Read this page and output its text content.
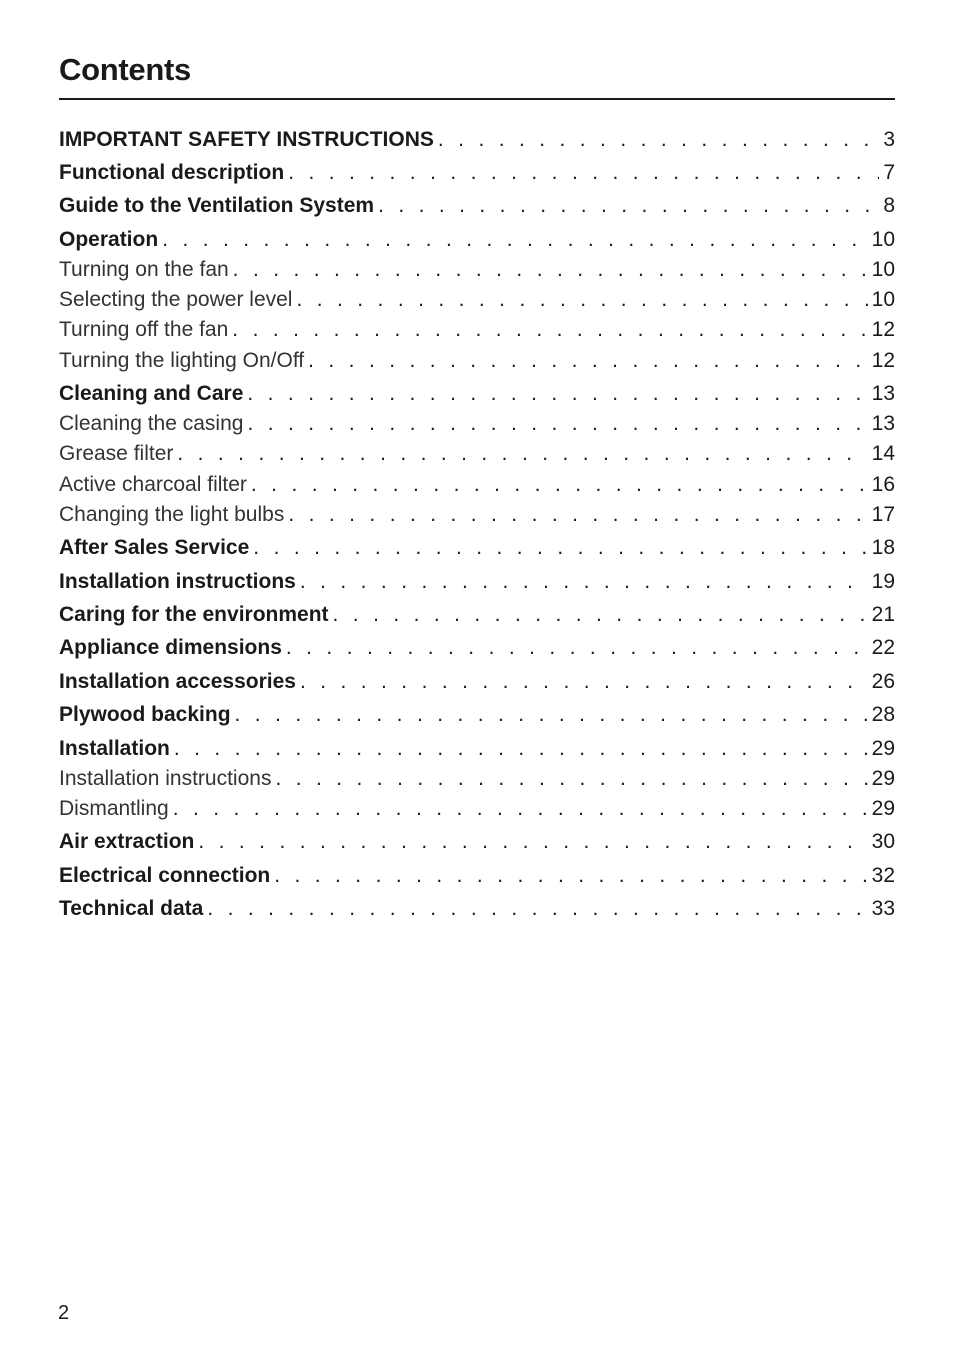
Contents
IMPORTANT SAFETY INSTRUCTIONS . . .	3
Functional description . . .	7
Guide to the Ventilation System . . .	8
Operation . . .	10
Turning on the fan . . .	10
Selecting the power level . . .	10
Turning off the fan . . .	12
Turning the lighting On/Off . . .	12
Cleaning and Care . . .	13
Cleaning the casing . . .	13
Grease filter . . .	14
Active charcoal filter . . .	16
Changing the light bulbs . . .	17
After Sales Service . . .	18
Installation instructions . . .	19
Caring for the environment . . .	21
Appliance dimensions . . .	22
Installation accessories . . .	26
Plywood backing . . .	28
Installation . . .	29
Installation instructions . . .	29
Dismantling . . .	29
Air extraction . . .	30
Electrical connection . . .	32
Technical data . . .	33
2
